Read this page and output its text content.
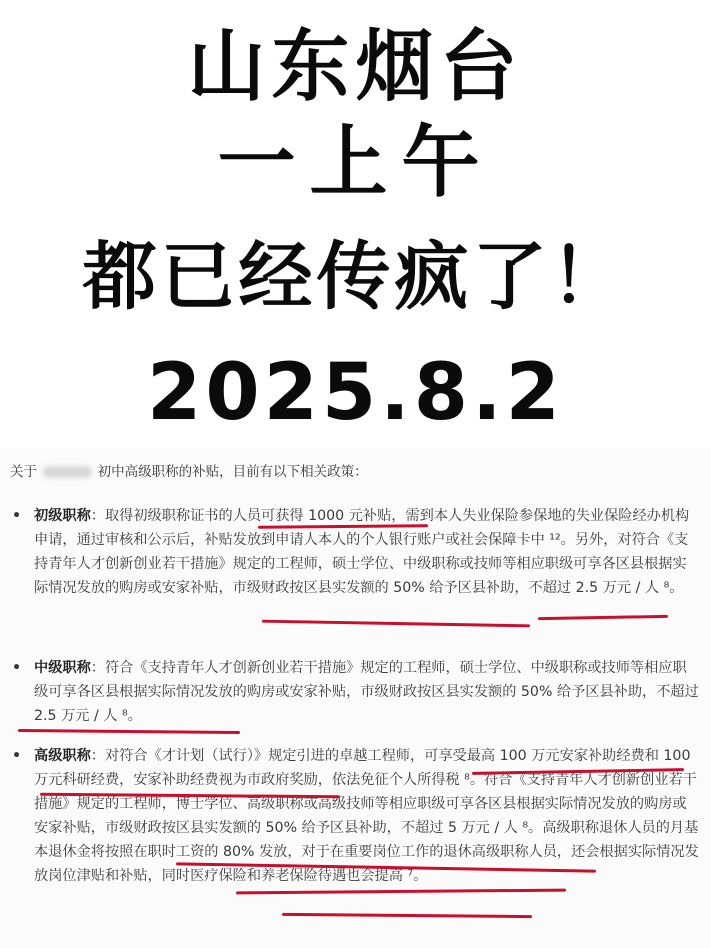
山东烟台
一上午
都已经传疯了！
2025.8.2
关于	初中高级职称的补贴，目前有以下相关政策：
• 初级职称：取得初级职称证书的人员可获得 1000 元补贴，需到本人失业保险参保地的失业保险经办机构申请，通过审核和公示后，补贴发放到申请人本人的个人银行账户或社会保障卡中 ¹²。另外，对符合《支持青年人才创新创业若干措施》规定的工程师，硕士学位、中级职称或技师等相应职级可享各区县根据实际情况发放的购房或安家补贴，市级财政按区县实发额的 50% 给予区县补助，不超过 2.5 万元 / 人 ⁸。
• 中级职称：符合《支持青年人才创新创业若干措施》规定的工程师，硕士学位、中级职称或技师等相应职级可享各区县根据实际情况发放的购房或安家补贴，市级财政按区县实发额的 50% 给予区县补助，不超过 2.5 万元 / 人 ⁸。
• 高级职称：对符合《才计划（试行）》规定引进的卓越工程师，可享受最高 100 万元安家补助经费和 100 万元科研经费，安家补助经费视为市政府奖励，依法免征个人所得税 ⁸。符合《支持青年人才创新创业若干措施》规定的工程师，博士学位、高级职称或高级技师等相应职级可享各区县根据实际情况发放的购房或安家补贴，市级财政按区县实发额的 50% 给予区县补助，不超过 5 万元 / 人 ⁸。高级职称退休人员的月基本退休金将按照在职时工资的 80% 发放，对于在重要岗位工作的退休高级职称人员，还会根据实际情况发放岗位津贴和补贴，同时医疗保险和养老保险待遇也会提高 ⁷。
